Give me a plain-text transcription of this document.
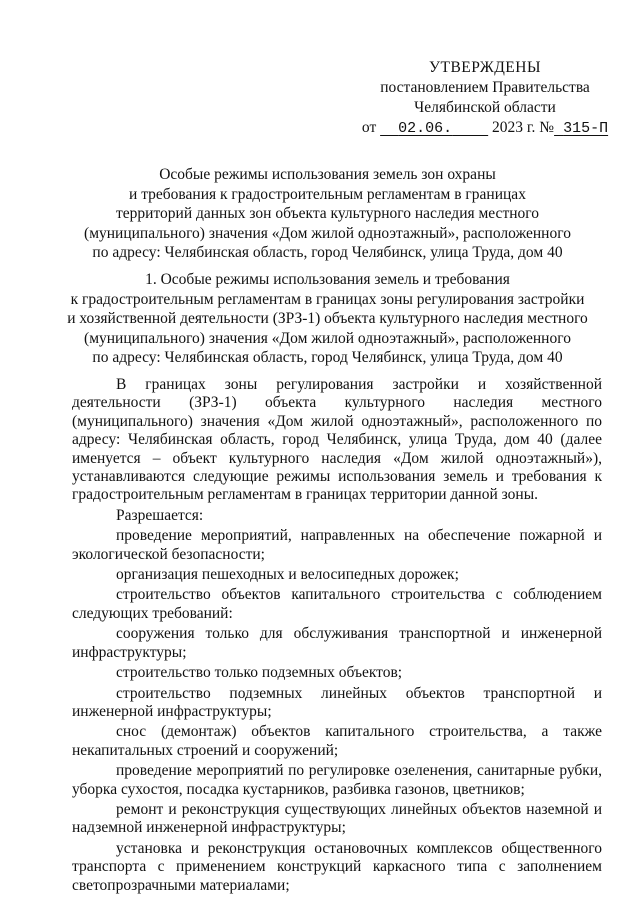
УТВЕРЖДЕНЫ
постановлением Правительства
Челябинской области
от 02.06.	2023 г. № 315-П
Особые режимы использования земель зон охраны
и требования к градостроительным регламентам в границах
территорий данных зон объекта культурного наследия местного
(муниципального) значения «Дом жилой одноэтажный», расположенного
по адресу: Челябинская область, город Челябинск, улица Труда, дом 40
1. Особые режимы использования земель и требования
к градостроительным регламентам в границах зоны регулирования застройки
и хозяйственной деятельности (ЗРЗ-1) объекта культурного наследия местного
(муниципального) значения «Дом жилой одноэтажный», расположенного
по адресу: Челябинская область, город Челябинск, улица Труда, дом 40

В границах зоны регулирования застройки и хозяйственной деятельности (ЗРЗ-1) объекта культурного наследия местного (муниципального) значения «Дом жилой одноэтажный», расположенного по адресу: Челябинская область, город Челябинск, улица Труда, дом 40 (далее именуется – объект культурного наследия «Дом жилой одноэтажный»), устанавливаются следующие режимы использования земель и требования к градостроительным регламентам в границах территории данной зоны.

Разрешается:

проведение мероприятий, направленных на обеспечение пожарной и экологической безопасности;

организация пешеходных и велосипедных дорожек;

строительство объектов капитального строительства с соблюдением следующих требований:

сооружения только для обслуживания транспортной и инженерной инфраструктуры;

строительство только подземных объектов;

строительство подземных линейных объектов транспортной и инженерной инфраструктуры;

снос (демонтаж) объектов капитального строительства, а также некапитальных строений и сооружений;

проведение мероприятий по регулировке озеленения, санитарные рубки, уборка сухостоя, посадка кустарников, разбивка газонов, цветников;

ремонт и реконструкция существующих линейных объектов наземной и надземной инженерной инфраструктуры;

установка и реконструкция остановочных комплексов общественного транспорта с применением конструкций каркасного типа с заполнением светопрозрачными материалами;
